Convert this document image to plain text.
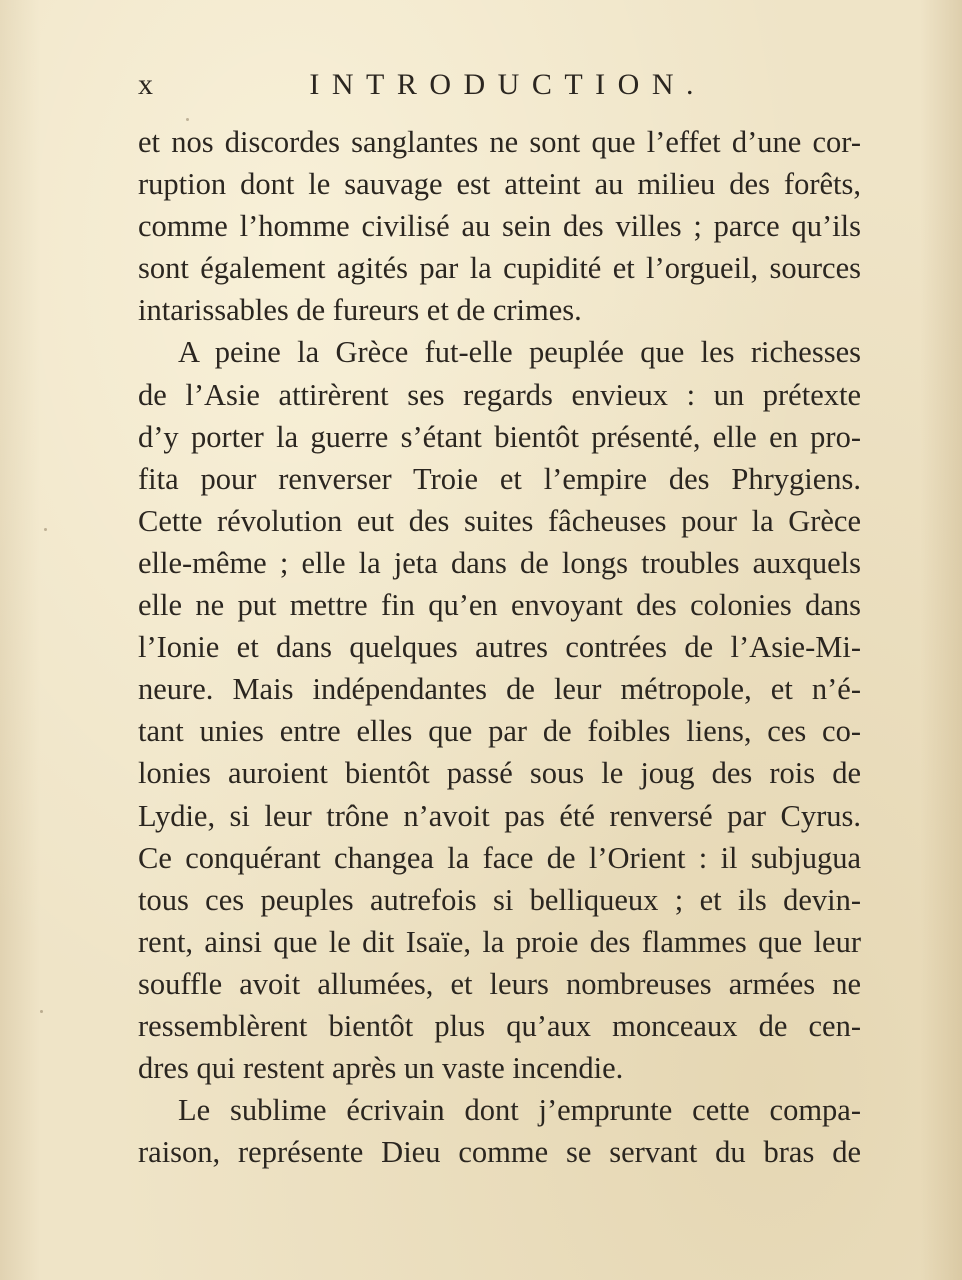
x	INTRODUCTION.
et nos discordes sanglantes ne sont que l’effet d’une cor-
ruption dont le sauvage est atteint au milieu des forêts,
comme l’homme civilisé au sein des villes ; parce qu’ils
sont également agités par la cupidité et l’orgueil, sources
intarissables de fureurs et de crimes.
A peine la Grèce fut-elle peuplée que les richesses
de l’Asie attirèrent ses regards envieux : un prétexte
d’y porter la guerre s’étant bientôt présenté, elle en pro-
fita pour renverser Troie et l’empire des Phrygiens.
Cette révolution eut des suites fâcheuses pour la Grèce
elle-même ; elle la jeta dans de longs troubles auxquels
elle ne put mettre fin qu’en envoyant des colonies dans
l’Ionie et dans quelques autres contrées de l’Asie-Mi-
neure. Mais indépendantes de leur métropole, et n’é-
tant unies entre elles que par de foibles liens, ces co-
lonies auroient bientôt passé sous le joug des rois de
Lydie, si leur trône n’avoit pas été renversé par Cyrus.
Ce conquérant changea la face de l’Orient : il subjugua
tous ces peuples autrefois si belliqueux ; et ils devin-
rent, ainsi que le dit Isaïe, la proie des flammes que leur
souffle avoit allumées, et leurs nombreuses armées ne
ressemblèrent bientôt plus qu’aux monceaux de cen-
dres qui restent après un vaste incendie.
Le sublime écrivain dont j’emprunte cette compa-
raison, représente Dieu comme se servant du bras de
